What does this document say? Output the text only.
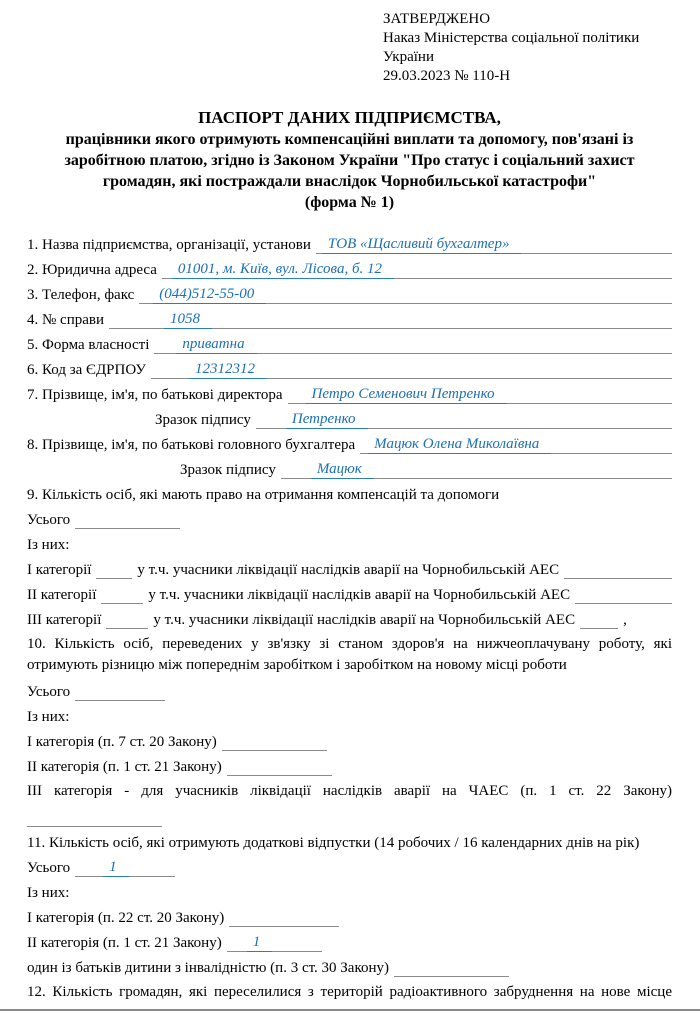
ЗАТВЕРДЖЕНО
Наказ Міністерства соціальної політики
України
29.03.2023 № 110-Н
ПАСПОРТ ДАНИХ ПІДПРИЄМСТВА,
працівники якого отримують компенсаційні виплати та допомогу, пов'язані із
заробітною платою, згідно із Законом України "Про статус і соціальний захист
громадян, які постраждали внаслідок Чорнобильської катастрофи"
(форма № 1)
1. Назва підприємства, організації, установи	ТОВ «Щасливий бухгалтер»
2. Юридична адреса	01001, м. Київ, вул. Лісова, б. 12
3. Телефон, факс	(044)512-55-00
4. № справи	1058
5. Форма власності	приватна
6. Код за ЄДРПОУ	12312312
7. Прізвище, ім'я, по батькові директора	Петро Семенович Петренко
Зразок підпису	Петренко
8. Прізвище, ім'я, по батькові головного бухгалтера	Мацюк Олена Миколаївна
Зразок підпису	Мацюк
9. Кількість осіб, які мають право на отримання компенсацій та допомоги
Усього
Із них:
I категорії	у т.ч. учасники ліквідації наслідків аварії на Чорнобильській АЕС
II категорії	у т.ч. учасники ліквідації наслідків аварії на Чорнобильській АЕС
III категорії	у т.ч. учасники ліквідації наслідків аварії на Чорнобильській АЕС	,
10. Кількість осіб, переведених у зв'язку зі станом здоров'я на нижчеоплачувану роботу, які отримують різницю між попереднім заробітком і заробітком на новому місці роботи
Усього
Із них:
I категорія (п. 7 ст. 20 Закону)
II категорія (п. 1 ст. 21 Закону)
III категорія - для учасників ліквідації наслідків аварії на ЧАЕС (п. 1 ст. 22 Закону)
11. Кількість осіб, які отримують додаткові відпустки (14 робочих / 16 календарних днів на рік)
Усього	1
Із них:
I категорія (п. 22 ст. 20 Закону)
II категорія (п. 1 ст. 21 Закону)	1
один із батьків дитини з інвалідністю (п. 3 ст. 30 Закону)
12. Кількість громадян, які переселилися з територій радіоактивного забруднення на нове місце
